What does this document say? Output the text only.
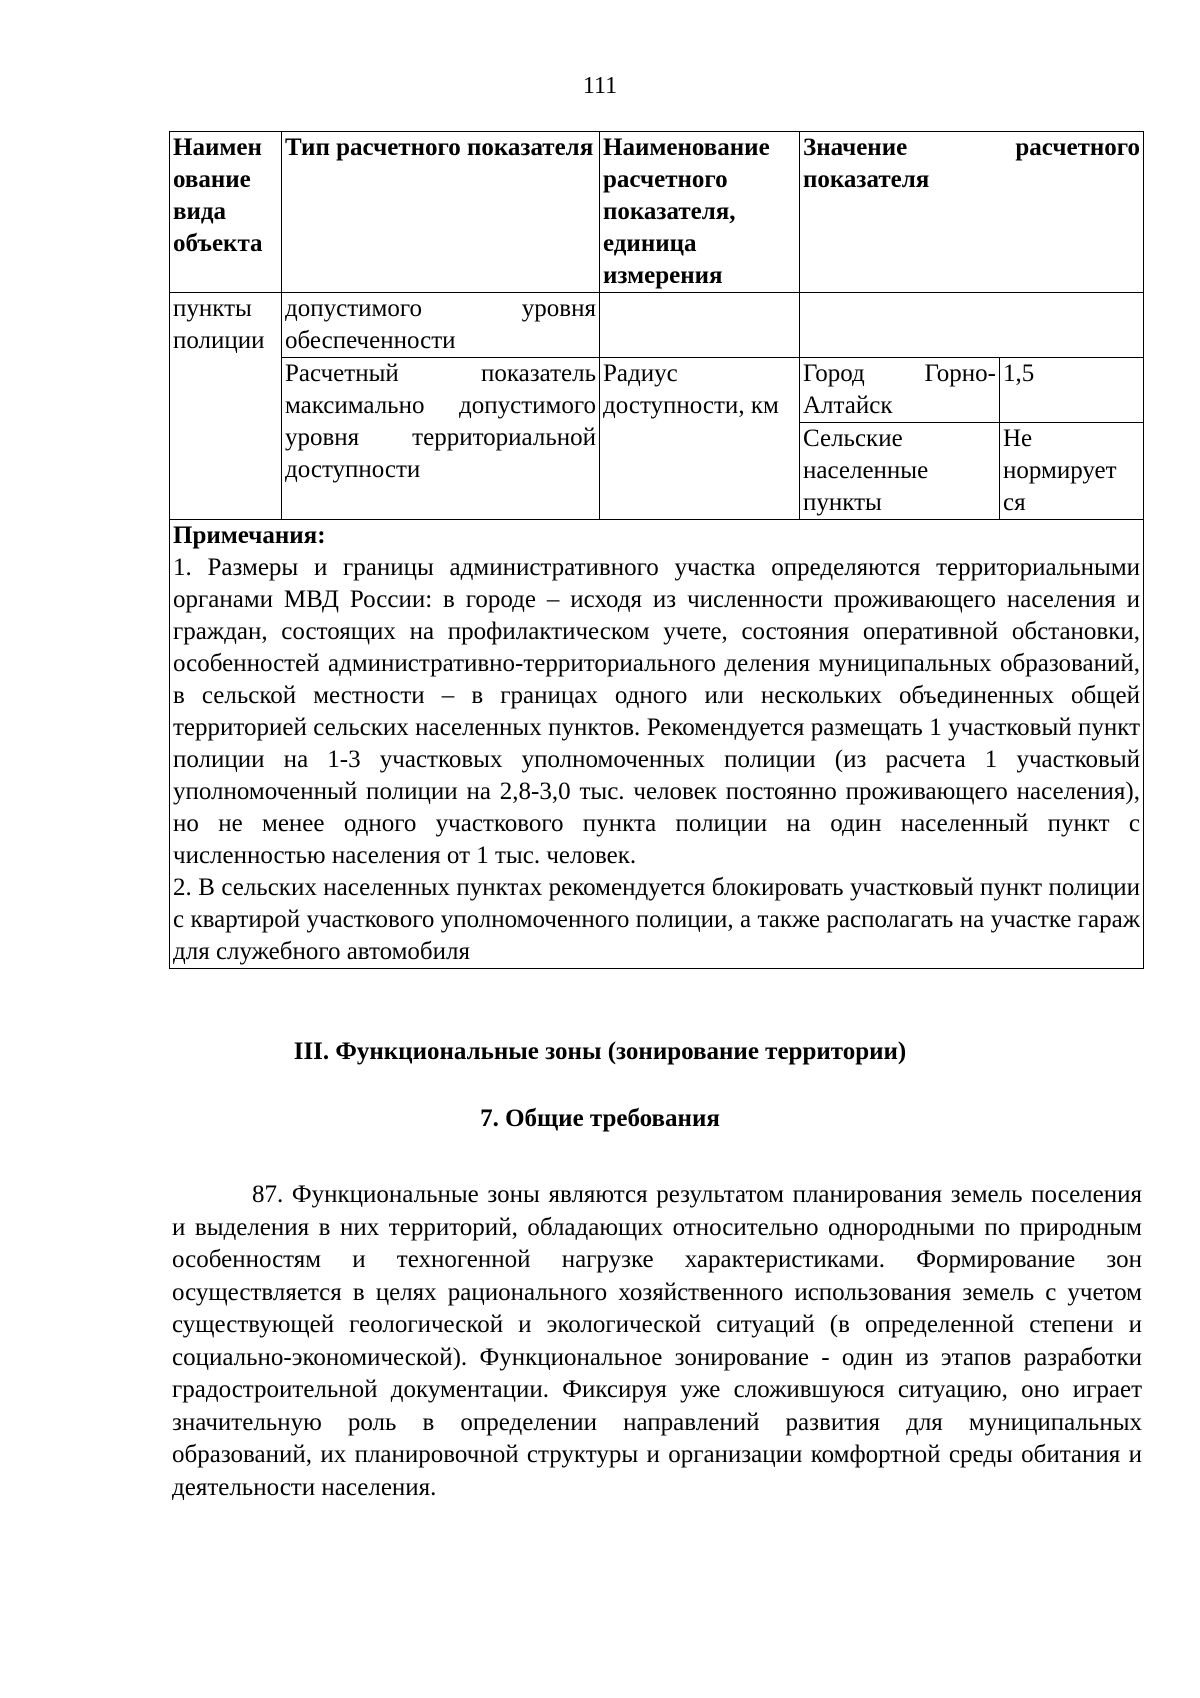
111
Наимен ование вида объекта	Тип расчетного показателя	Наименование расчетного показателя, единица измерения	Значение расчетного показателя	
пункты полиции	допустимого уровня обеспеченности			
	Расчетный показатель максимально допустимого уровня территориальной доступности	Радиус доступности, км	Город Горно-Алтайск	1,5
			Сельские населенные пункты	Не нормирует ся

Примечания:
1. Размеры и границы административного участка определяются территориальными органами МВД России: в городе – исходя из численности проживающего населения и граждан, состоящих на профилактическом учете, состояния оперативной обстановки, особенностей административно-территориального деления муниципальных образований, в сельской местности – в границах одного или нескольких объединенных общей территорией сельских населенных пунктов. Рекомендуется размещать 1 участковый пункт полиции на 1-3 участковых уполномоченных полиции (из расчета 1 участковый уполномоченный полиции на 2,8-3,0 тыс. человек постоянно проживающего населения), но не менее одного участкового пункта полиции на один населенный пункт с численностью населения от 1 тыс. человек.
2. В сельских населенных пунктах рекомендуется блокировать участковый пункт полиции с квартирой участкового уполномоченного полиции, а также располагать на участке гараж для служебного автомобиля				
III. Функциональные зоны (зонирование территории)
7. Общие требования
87. Функциональные зоны являются результатом планирования земель поселения и выделения в них территорий, обладающих относительно однородными по природным особенностям и техногенной нагрузке характеристиками. Формирование зон осуществляется в целях рационального хозяйственного использования земель с учетом существующей геологической и экологической ситуаций (в определенной степени и социально-экономической). Функциональное зонирование - один из этапов разработки градостроительной документации. Фиксируя уже сложившуюся ситуацию, оно играет значительную роль в определении направлений развития для муниципальных образований, их планировочной структуры и организации комфортной среды обитания и деятельности населения.
